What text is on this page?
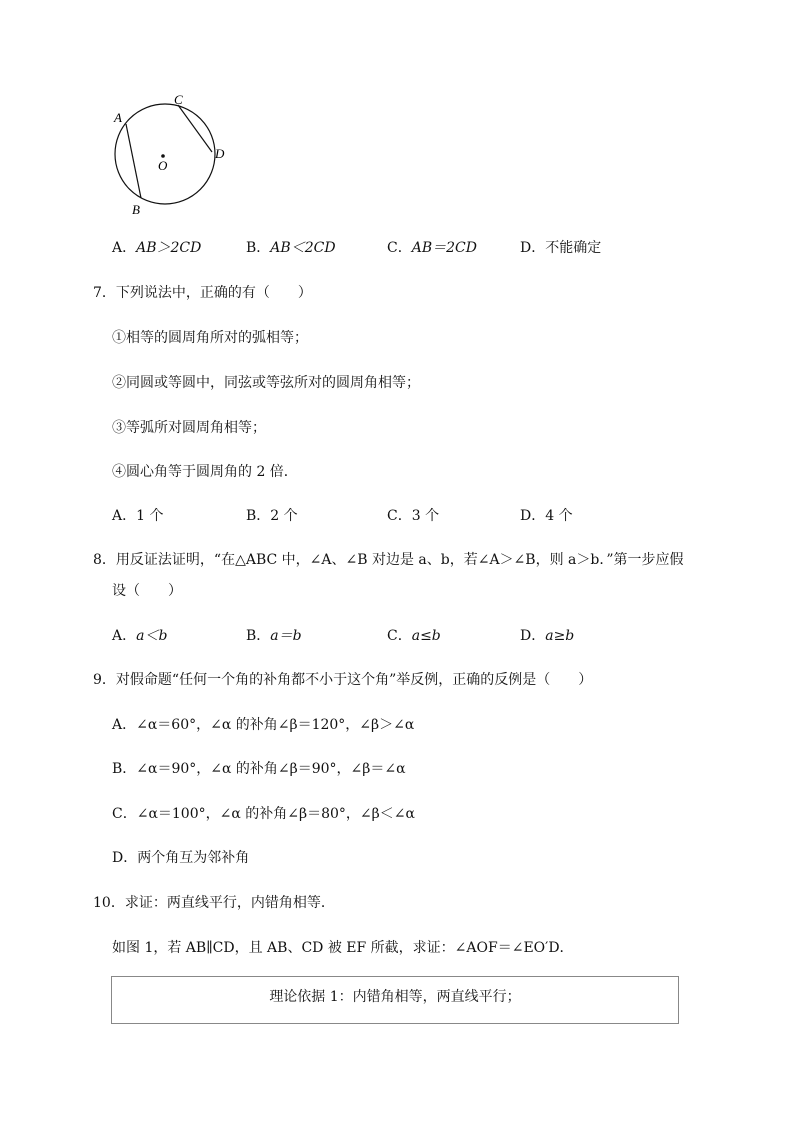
A
C
D
O
B
A．AB＞2CD	B．AB＜2CD	C．AB＝2CD	D．不能确定
7．下列说法中，正确的有（　　）
①相等的圆周角所对的弧相等；
②同圆或等圆中，同弦或等弦所对的圆周角相等；
③等弧所对圆周角相等；
④圆心角等于圆周角的 2 倍．
A．1 个	B．2 个	C．3 个	D．4 个
8．用反证法证明，“在△ABC 中，∠A、∠B 对边是 a、b，若∠A＞∠B，则 a＞b．”第一步应假
设（　　）
A．a＜b	B．a＝b	C．a≤b	D．a≥b
9．对假命题“任何一个角的补角都不小于这个角”举反例，正确的反例是（　　）
A．∠α＝60°，∠α 的补角∠β＝120°，∠β＞∠α
B．∠α＝90°，∠α 的补角∠β＝90°，∠β＝∠α
C．∠α＝100°，∠α 的补角∠β＝80°，∠β＜∠α
D．两个角互为邻补角
10．求证：两直线平行，内错角相等．
如图 1，若 AB∥CD，且 AB、CD 被 EF 所截，求证：∠AOF＝∠EO′D．
理论依据 1：内错角相等，两直线平行；
